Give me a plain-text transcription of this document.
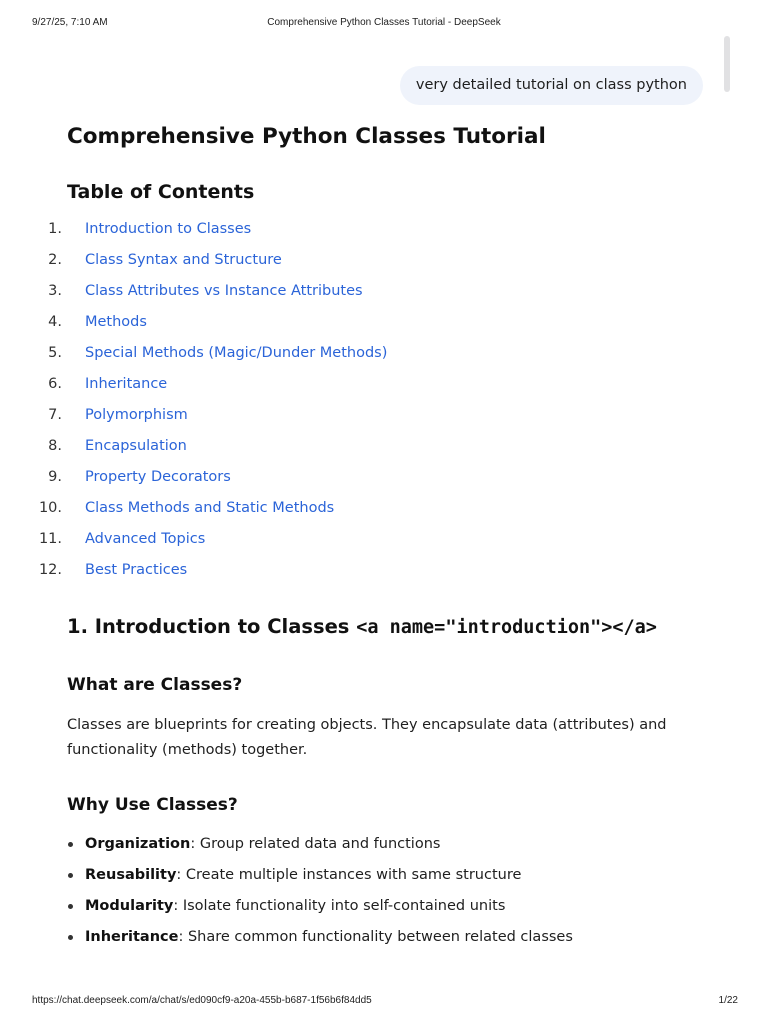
9/27/25, 7:10 AM	Comprehensive Python Classes Tutorial - DeepSeek
very detailed tutorial on class python
Comprehensive Python Classes Tutorial
Table of Contents
1. Introduction to Classes
2. Class Syntax and Structure
3. Class Attributes vs Instance Attributes
4. Methods
5. Special Methods (Magic/Dunder Methods)
6. Inheritance
7. Polymorphism
8. Encapsulation
9. Property Decorators
10. Class Methods and Static Methods
11. Advanced Topics
12. Best Practices
1. Introduction to Classes <a name="introduction"></a>
What are Classes?

Classes are blueprints for creating objects. They encapsulate data (attributes) and functionality (methods) together.

Why Use Classes?
Organization: Group related data and functions
Reusability: Create multiple instances with same structure
Modularity: Isolate functionality into self-contained units
Inheritance: Share common functionality between related classes
https://chat.deepseek.com/a/chat/s/ed090cf9-a20a-455b-b687-1f56b6f84dd5	1/22
